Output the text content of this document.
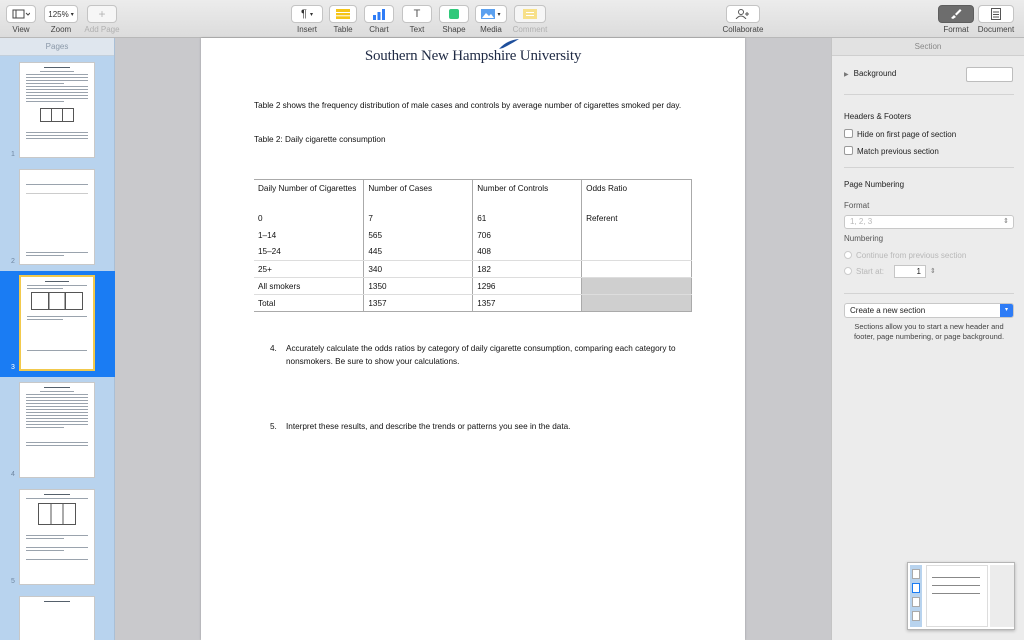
View
125% ▾
Zoom
+
Add Page
¶ ▾
Insert	Table	Chart
T
Text	Shape
▾
Media	Comment	Collaborate	Format	Document
Pages
1
2
3
4
5
Southern New Hampshire University
Table 2 shows the frequency distribution of male cases and controls by average number of cigarettes smoked per day.
Table 2: Daily cigarette consumption
Daily Number of Cigarettes	Number of Cases	Number of Controls	Odds Ratio
0	7	61	Referent
1–14	565	706	
15–24	445	408	
25+	340	182	
All smokers	1350	1296	
Total	1357	1357	
4. Accurately calculate the odds ratios by category of daily cigarette consumption, comparing each category to nonsmokers. Be sure to show your calculations.
5. Interpret these results, and describe the trends or patterns you see in the data.
Section
▶ Background
Headers & Footers
Hide on first page of section
Match previous section
Page Numbering
Format
1, 2, 3	⇕
Numbering
Continue from previous section
Start at:	1	⇕
Create a new section	▾
Sections allow you to start a new header and footer, page numbering, or page background.
